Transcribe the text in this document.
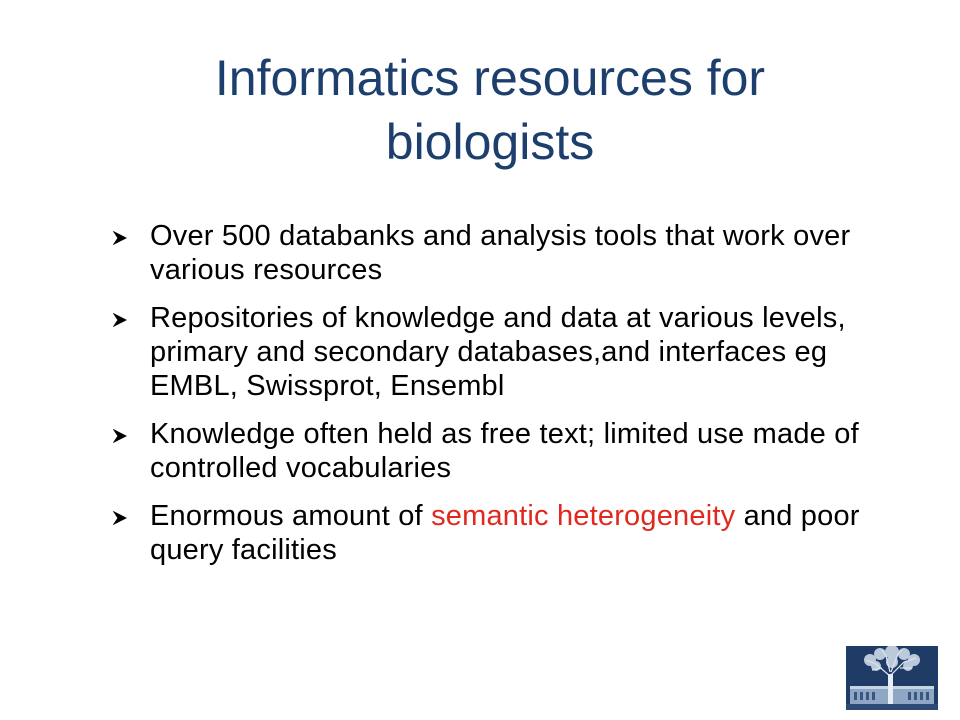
Informatics resources for biologists
Over 500 databanks and analysis tools that work over various resources
Repositories of knowledge and data at various levels, primary and secondary databases,and interfaces eg EMBL, Swissprot, Ensembl
Knowledge often held as free text; limited use made of controlled vocabularies
Enormous amount of semantic heterogeneity and poor query facilities
